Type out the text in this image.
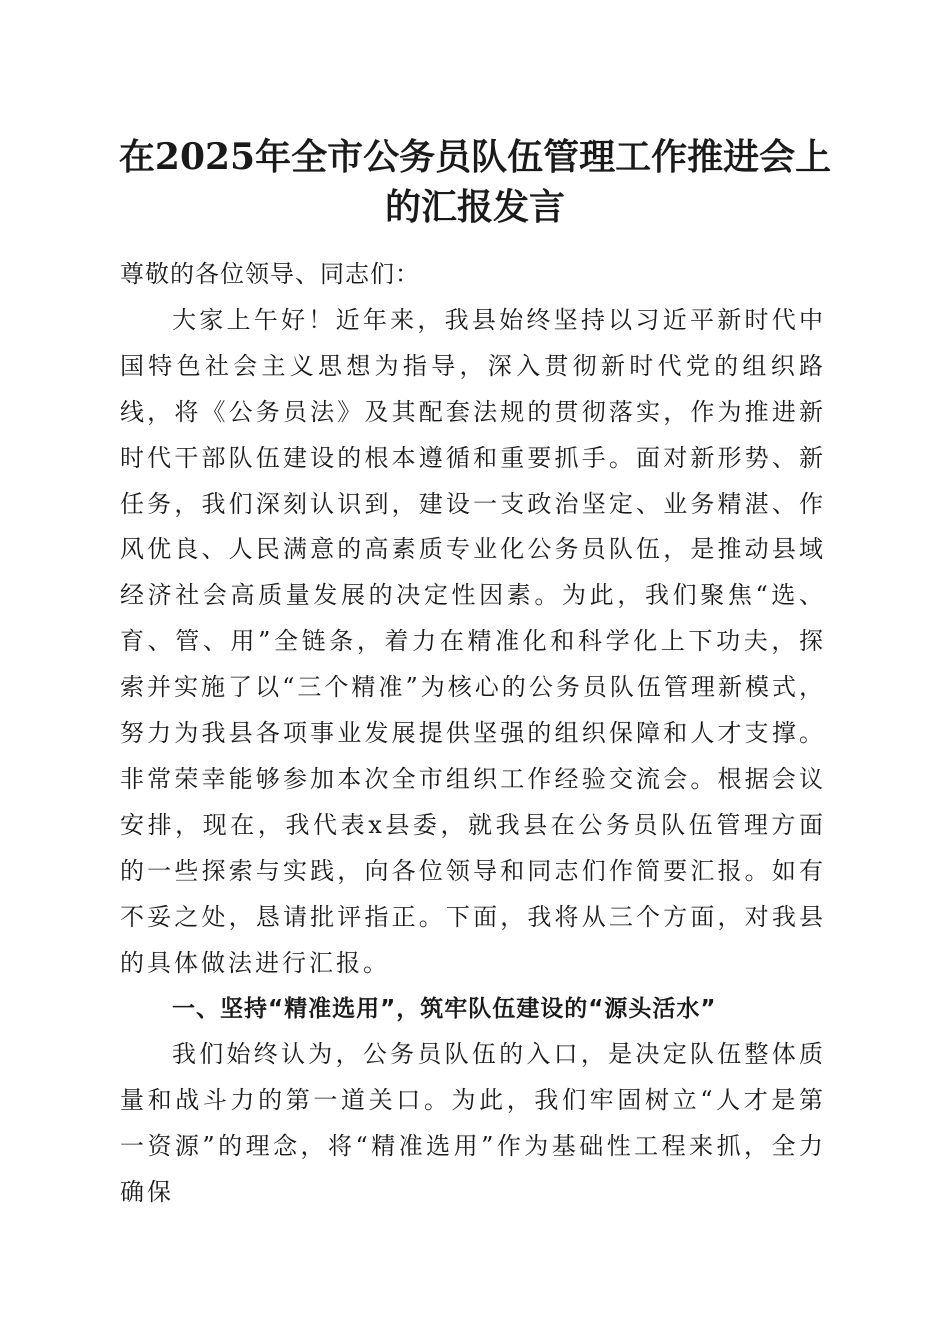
在2025年全市公务员队伍管理工作推进会上
的汇报发言

尊敬的各位领导、同志们：

大家上午好！近年来，我县始终坚持以习近平新时代中国特色社会主义思想为指导，深入贯彻新时代党的组织路线，将《公务员法》及其配套法规的贯彻落实，作为推进新时代干部队伍建设的根本遵循和重要抓手。面对新形势、新任务，我们深刻认识到，建设一支政治坚定、业务精湛、作风优良、人民满意的高素质专业化公务员队伍，是推动县域经济社会高质量发展的决定性因素。为此，我们聚焦“选、育、管、用”全链条，着力在精准化和科学化上下功夫，探索并实施了以“三个精准”为核心的公务员队伍管理新模式，努力为我县各项事业发展提供坚强的组织保障和人才支撑。非常荣幸能够参加本次全市组织工作经验交流会。根据会议安排，现在，我代表x县委，就我县在公务员队伍管理方面的一些探索与实践，向各位领导和同志们作简要汇报。如有不妥之处，恳请批评指正。下面，我将从三个方面，对我县的具体做法进行汇报。

一、坚持“精准选用”，筑牢队伍建设的“源头活水”

我们始终认为，公务员队伍的入口，是决定队伍整体质量和战斗力的第一道关口。为此，我们牢固树立“人才是第一资源”的理念，将“精准选用”作为基础性工程来抓，全力确保
